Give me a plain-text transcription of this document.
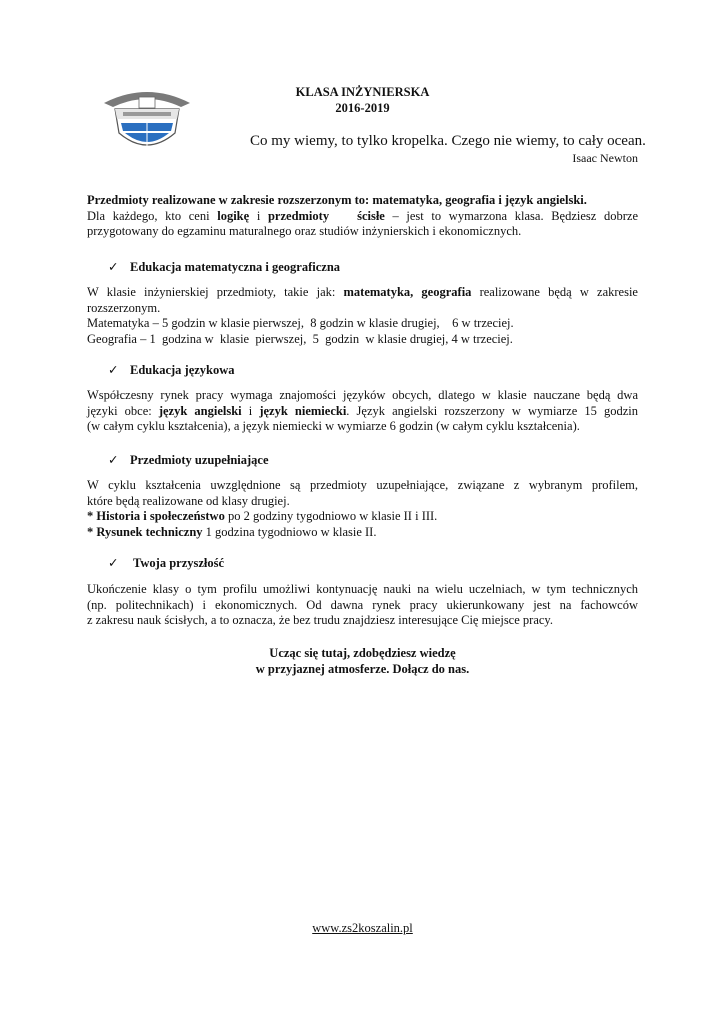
KLASA INŻYNIERSKA
2016-2019
Co my wiemy, to tylko kropelka. Czego nie wiemy, to cały ocean.
Isaac Newton
Przedmioty realizowane w zakresie rozszerzonym to: matematyka, geografia i język angielski.
Dla każdego, kto ceni logikę i przedmioty ścisłe – jest to wymarzona klasa. Będziesz dobrze
przygotowany do egzaminu maturalnego oraz studiów inżynierskich i ekonomicznych.
✓ Edukacja matematyczna i geograficzna
W klasie inżynierskiej przedmioty, takie jak: matematyka, geografia realizowane będą w zakresie
rozszerzonym.
Matematyka – 5 godzin w klasie pierwszej,  8 godzin w klasie drugiej,    6 w trzeciej.
Geografia – 1  godzina w  klasie  pierwszej,  5  godzin  w klasie drugiej, 4 w trzeciej.
✓ Edukacja językowa
Współczesny rynek pracy wymaga znajomości języków obcych, dlatego w klasie nauczane będą dwa
języki obce: język angielski i język niemiecki. Język angielski rozszerzony w wymiarze 15 godzin
(w całym cyklu kształcenia), a język niemiecki w wymiarze 6 godzin (w całym cyklu kształcenia).
✓ Przedmioty uzupełniające
W cyklu kształcenia uwzględnione są przedmioty uzupełniające, związane z wybranym profilem,
które będą realizowane od klasy drugiej.
* Historia i społeczeństwo po 2 godziny tygodniowo w klasie II i III.
* Rysunek techniczny 1 godzina tygodniowo w klasie II.
✓ Twoja przyszłość
Ukończenie klasy o tym profilu umożliwi kontynuację nauki na wielu uczelniach, w tym technicznych
(np. politechnikach) i ekonomicznych. Od dawna rynek pracy ukierunkowany jest na fachowców
z zakresu nauk ścisłych, a to oznacza, że bez trudu znajdziesz interesujące Cię miejsce pracy.
Ucząc się tutaj, zdobędziesz wiedzę
w przyjaznej atmosferze. Dołącz do nas.
www.zs2koszalin.pl
